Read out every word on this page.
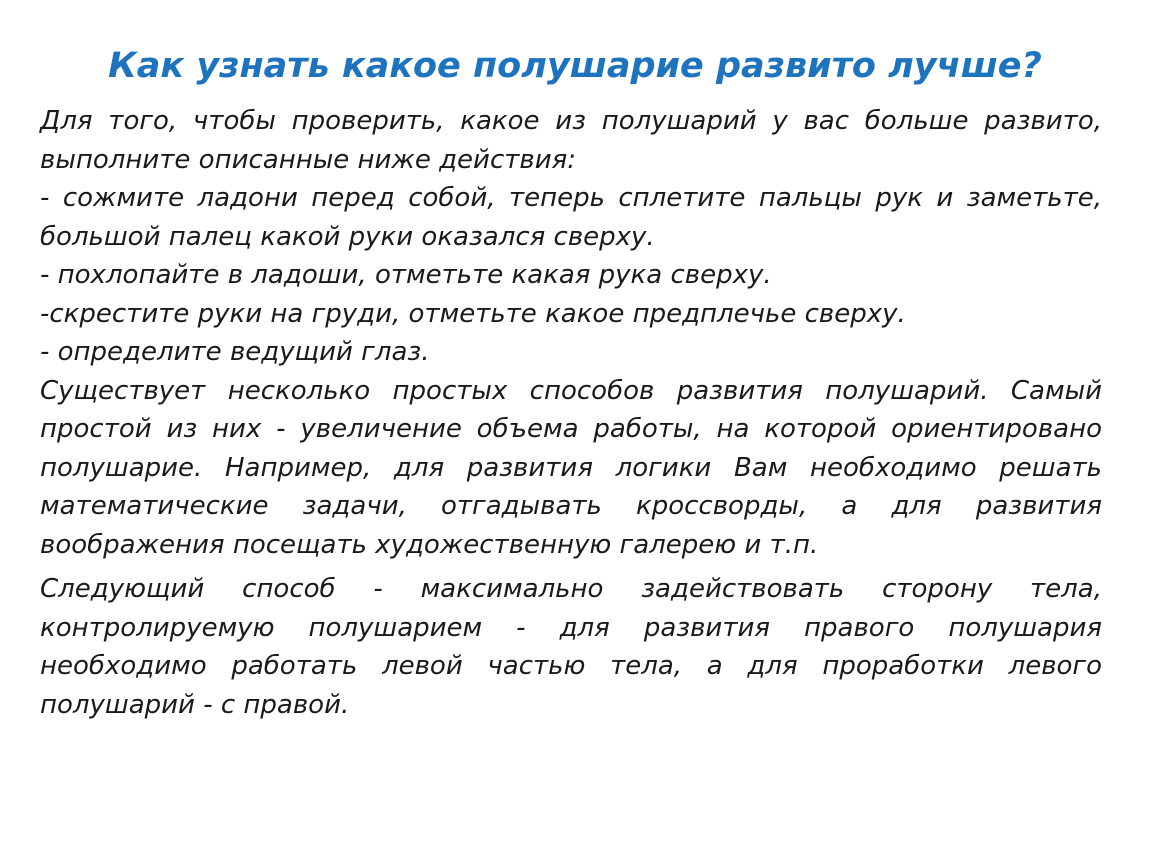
Как узнать какое полушарие развито лучше?

Для того, чтобы проверить, какое из полушарий у вас больше развито, выполните описанные ниже действия:

- сожмите ладони перед собой, теперь сплетите пальцы рук и заметьте, большой палец какой руки оказался сверху.

- похлопайте в ладоши, отметьте какая рука сверху.

-скрестите руки на груди, отметьте какое предплечье сверху.

- определите ведущий глаз.

Существует несколько простых способов развития полушарий. Самый простой из них - увеличение объема работы, на которой ориентировано полушарие. Например, для развития логики Вам необходимо решать математические задачи, отгадывать кроссворды, а для развития воображения посещать художественную галерею и т.п.

Следующий способ - максимально задействовать сторону тела, контролируемую полушарием - для развития правого полушария необходимо работать левой частью тела, а для проработки левого полушарий - с правой.
